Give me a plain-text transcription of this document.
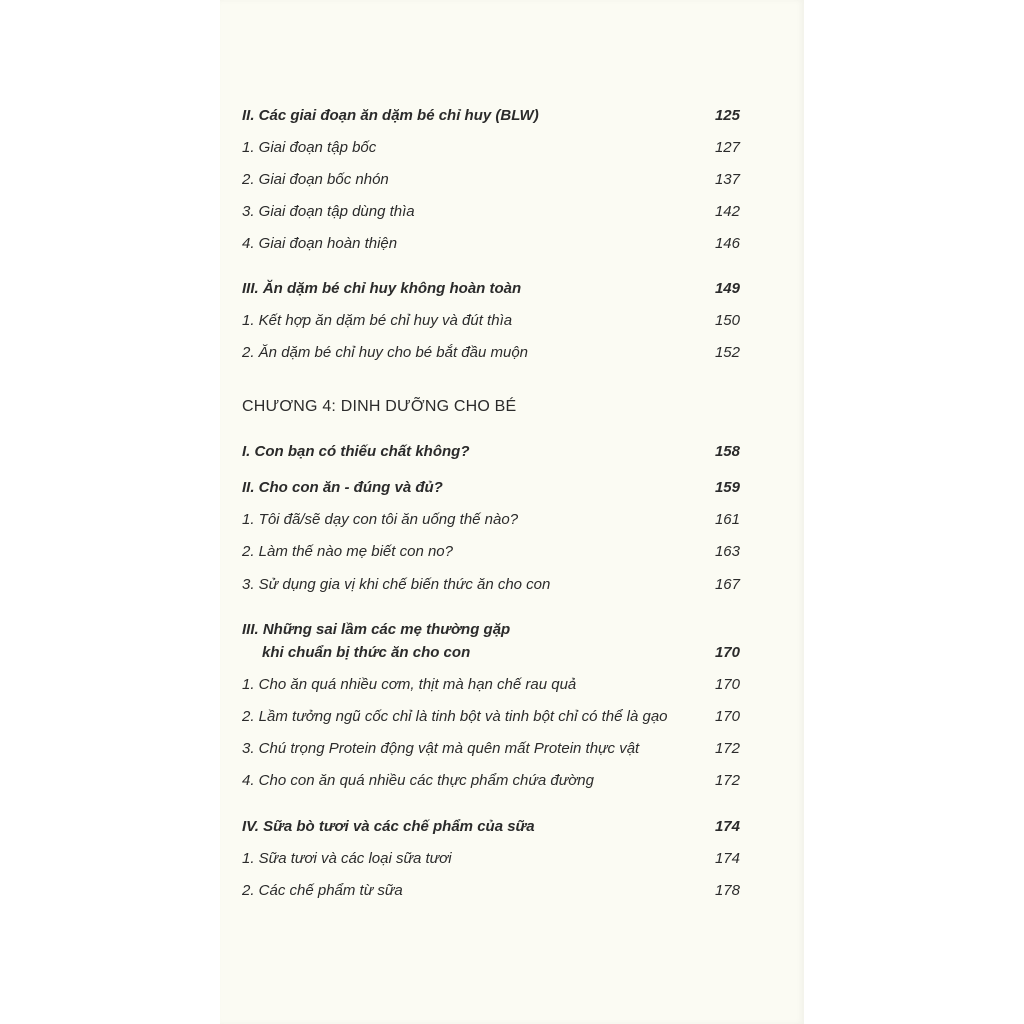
II. Các giai đoạn ăn dặm bé chỉ huy (BLW)	125
1. Giai đoạn tập bốc	127
2. Giai đoạn bốc nhón	137
3. Giai đoạn tập dùng thìa	142
4. Giai đoạn hoàn thiện	146
III. Ăn dặm bé chỉ huy không hoàn toàn	149
1. Kết hợp ăn dặm bé chỉ huy và đút thìa	150
2. Ăn dặm bé chỉ huy cho bé bắt đầu muộn	152
CHƯƠNG 4: DINH DƯỠNG CHO BÉ
I. Con bạn có thiếu chất không?	158
II. Cho con ăn - đúng và đủ?	159
1. Tôi đã/sẽ dạy con tôi ăn uống thế nào?	161
2. Làm thế nào mẹ biết con no?	163
3. Sử dụng gia vị khi chế biến thức ăn cho con	167
III. Những sai lầm các mẹ thường gặp
khi chuẩn bị thức ăn cho con	170
1. Cho ăn quá nhiều cơm, thịt mà hạn chế rau quả	170
2. Lầm tưởng ngũ cốc chỉ là tinh bột và tinh bột chỉ có thể là gạo	170
3. Chú trọng Protein động vật mà quên mất Protein thực vật	172
4. Cho con ăn quá nhiều các thực phẩm chứa đường	172
IV. Sữa bò tươi và các chế phẩm của sữa	174
1. Sữa tươi và các loại sữa tươi	174
2. Các chế phẩm từ sữa	178
